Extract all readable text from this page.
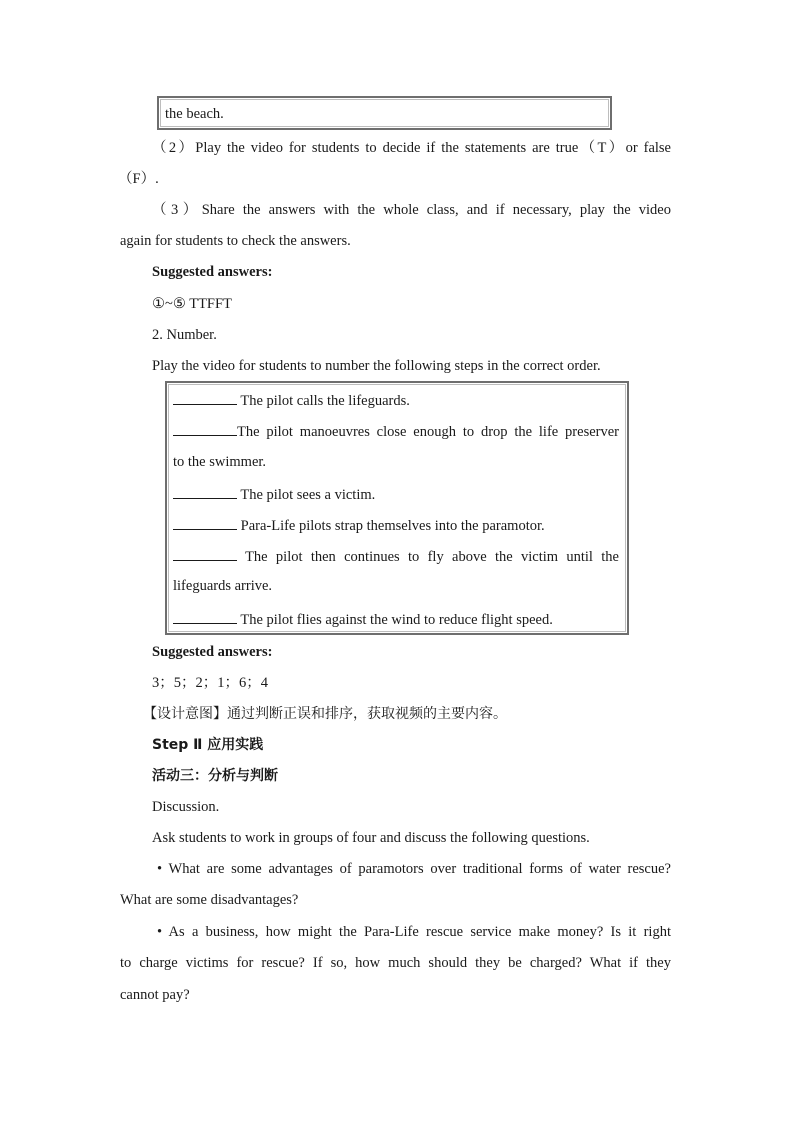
the beach.
（2）Play the video for students to decide if the statements are true（T）or false
（F）.
（3）Share the answers with the whole class, and if necessary, play the video
again for students to check the answers.
Suggested answers:
①~⑤ TTFFT
2. Number.
Play the video for students to number the following steps in the correct order.
The pilot calls the lifeguards.
The pilot manoeuvres close enough to drop the life preserver
to the swimmer.
The pilot sees a victim.
Para-Life pilots strap themselves into the paramotor.
The pilot then continues to fly above the victim until the
lifeguards arrive.
The pilot flies against the wind to reduce flight speed.
Suggested answers:
3；5；2；1；6；4
【设计意图】通过判断正误和排序，获取视频的主要内容。
Step Ⅱ 应用实践
活动三：分析与判断
Discussion.
Ask students to work in groups of four and discuss the following questions.
• What are some advantages of paramotors over traditional forms of water rescue?
What are some disadvantages?
• As a business, how might the Para-Life rescue service make money? Is it right
to charge victims for rescue? If so, how much should they be charged? What if they
cannot pay?
